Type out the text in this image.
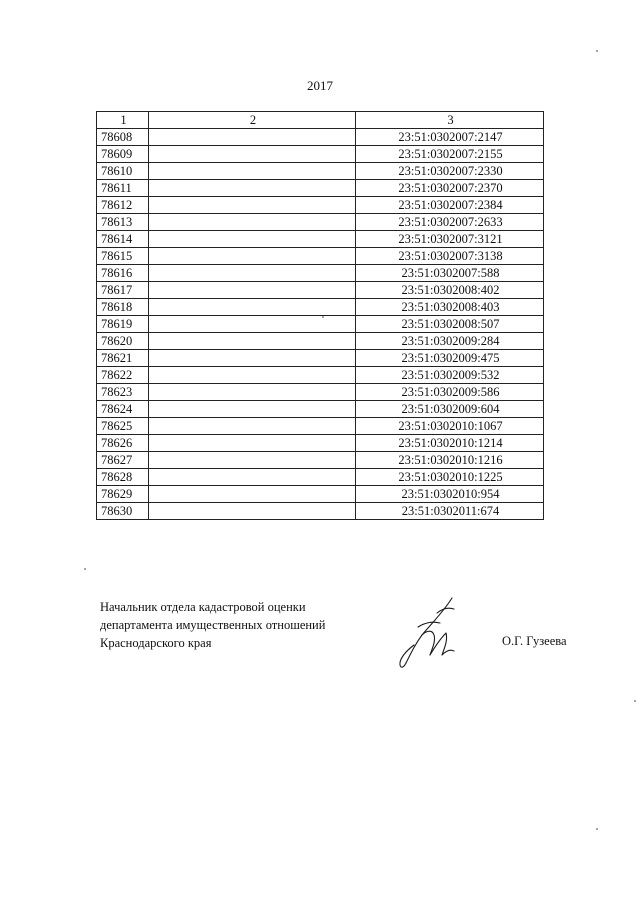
2017
1	2	3
78608		23:51:0302007:2147
78609		23:51:0302007:2155
78610		23:51:0302007:2330
78611		23:51:0302007:2370
78612		23:51:0302007:2384
78613		23:51:0302007:2633
78614		23:51:0302007:3121
78615		23:51:0302007:3138
78616		23:51:0302007:588
78617		23:51:0302008:402
78618		23:51:0302008:403
78619		23:51:0302008:507
78620		23:51:0302009:284
78621		23:51:0302009:475
78622		23:51:0302009:532
78623		23:51:0302009:586
78624		23:51:0302009:604
78625		23:51:0302010:1067
78626		23:51:0302010:1214
78627		23:51:0302010:1216
78628		23:51:0302010:1225
78629		23:51:0302010:954
78630		23:51:0302011:674
Начальник отдела кадастровой оценки
департамента имущественных отношений
Краснодарского края	О.Г. Гузеева
